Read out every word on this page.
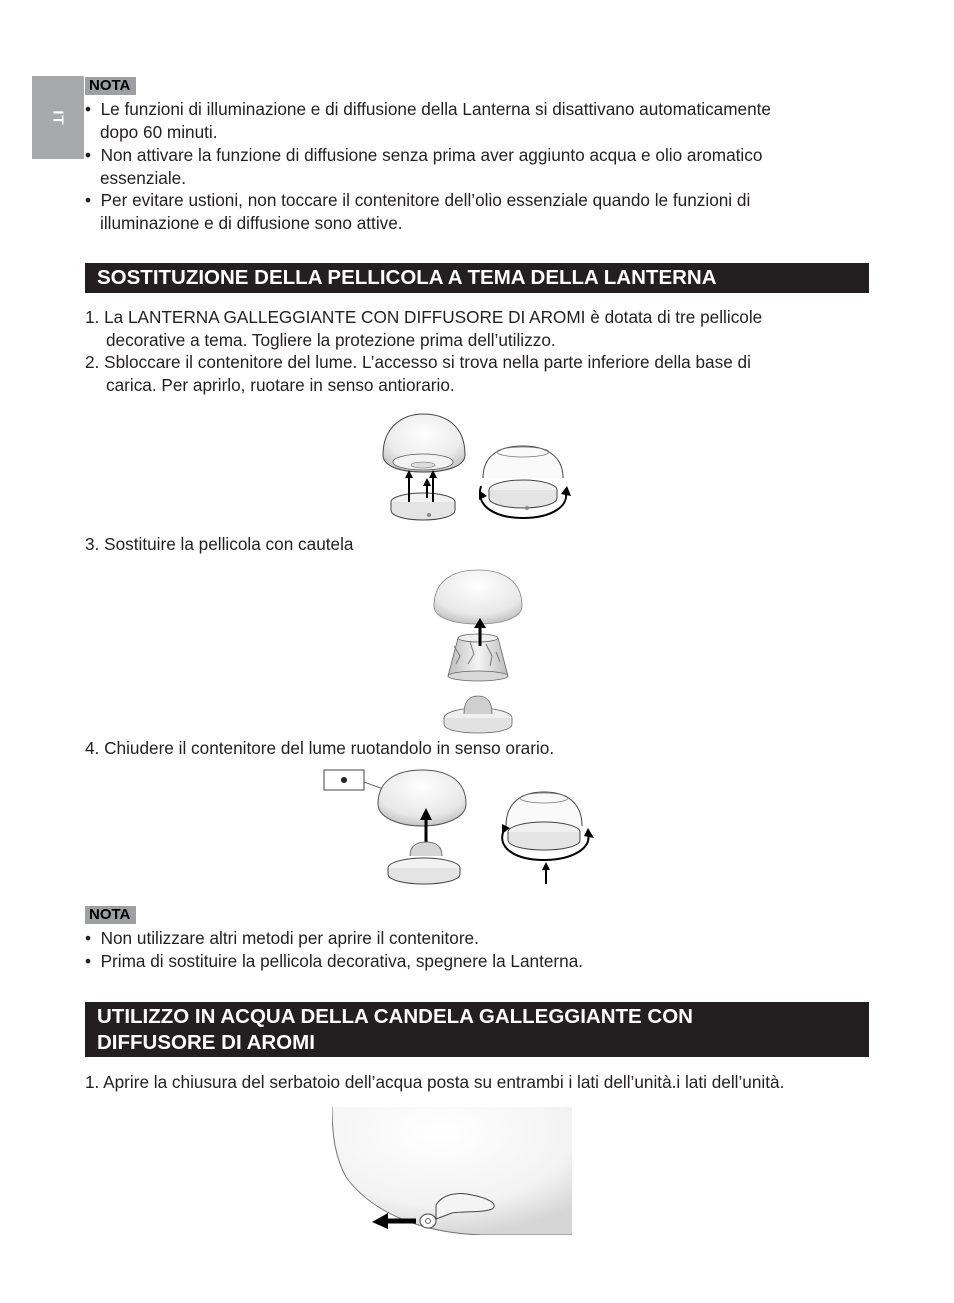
IT
NOTA
•  Le funzioni di illuminazione e di diffusione della Lanterna si disattivano automaticamente
dopo 60 minuti.
•  Non attivare la funzione di diffusione senza prima aver aggiunto acqua e olio aromatico
essenziale.
•  Per evitare ustioni, non toccare il contenitore dell’olio essenziale quando le funzioni di
illuminazione e di diffusione sono attive.
SOSTITUZIONE DELLA PELLICOLA A TEMA DELLA LANTERNA
1. La LANTERNA GALLEGGIANTE CON DIFFUSORE DI AROMI è dotata di tre pellicole
decorative a tema. Togliere la protezione prima dell’utilizzo.
2. Sbloccare il contenitore del lume. L’accesso si trova nella parte inferiore della base di
carica. Per aprirlo, ruotare in senso antiorario.
3. Sostituire la pellicola con cautela
4. Chiudere il contenitore del lume ruotandolo in senso orario.
NOTA
•  Non utilizzare altri metodi per aprire il contenitore.
•  Prima di sostituire la pellicola decorativa, spegnere la Lanterna.
UTILIZZO IN ACQUA DELLA CANDELA GALLEGGIANTE CON
DIFFUSORE DI AROMI
1. Aprire la chiusura del serbatoio dell’acqua posta su entrambi i lati dell’unità.i lati dell’unità.
